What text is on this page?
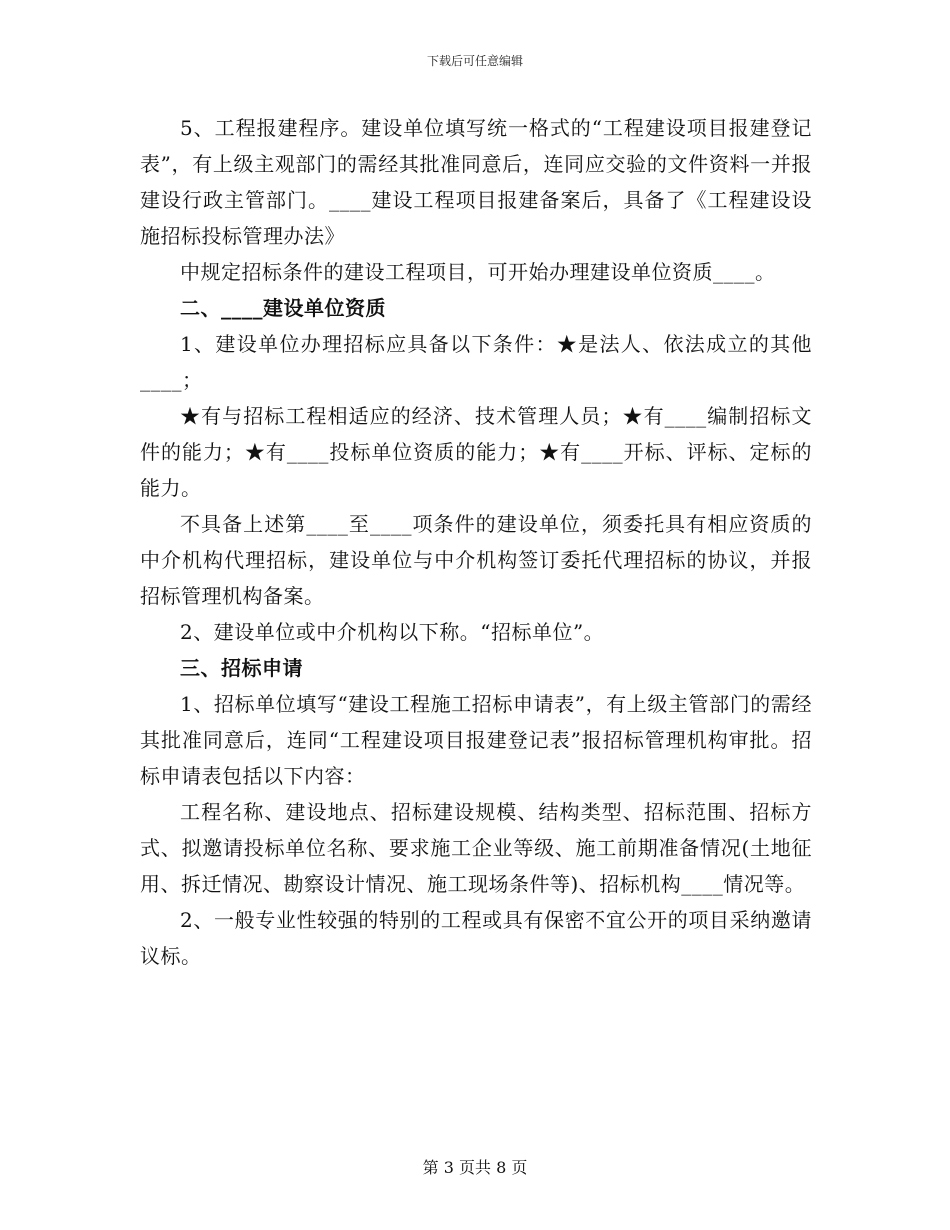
下载后可任意编辑

5、工程报建程序。建设单位填写统一格式的“工程建设项目报建登记表”，有上级主观部门的需经其批准同意后，连同应交验的文件资料一并报建设行政主管部门。____建设工程项目报建备案后，具备了《工程建设设施招标投标管理办法》

中规定招标条件的建设工程项目，可开始办理建设单位资质____。

二、____建设单位资质

1、建设单位办理招标应具备以下条件：★是法人、依法成立的其他____；

★有与招标工程相适应的经济、技术管理人员；★有____编制招标文件的能力；★有____投标单位资质的能力；★有____开标、评标、定标的能力。

不具备上述第____至____项条件的建设单位，须委托具有相应资质的中介机构代理招标，建设单位与中介机构签订委托代理招标的协议，并报招标管理机构备案。

2、建设单位或中介机构以下称。“招标单位”。

三、招标申请

1、招标单位填写“建设工程施工招标申请表”，有上级主管部门的需经其批准同意后，连同“工程建设项目报建登记表”报招标管理机构审批。招标申请表包括以下内容：

工程名称、建设地点、招标建设规模、结构类型、招标范围、招标方式、拟邀请投标单位名称、要求施工企业等级、施工前期准备情况(土地征用、拆迁情况、勘察设计情况、施工现场条件等)、招标机构____情况等。

2、一般专业性较强的特别的工程或具有保密不宜公开的项目采纳邀请议标。

第 3 页共 8 页
